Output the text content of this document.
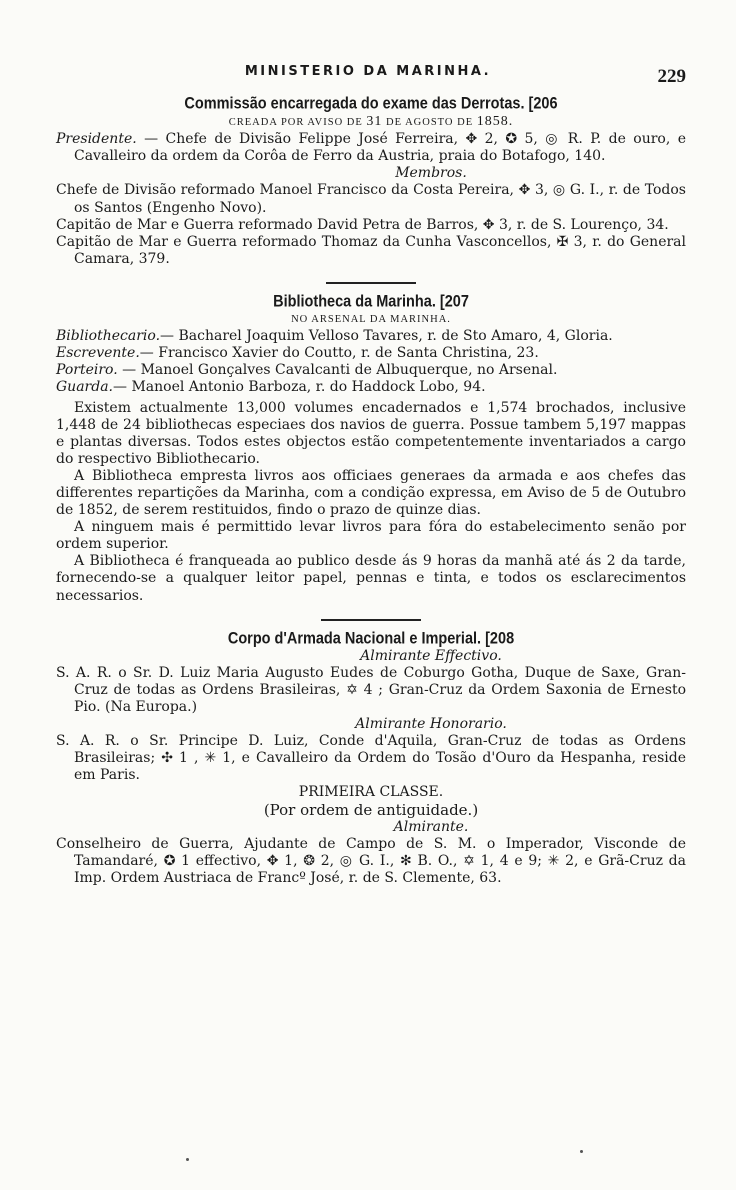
MINISTERIO DA MARINHA.	229

Commissão encarregada do exame das Derrotas. [206

CREADA POR AVISO DE 31 DE AGOSTO DE 1858.

Presidente. — Chefe de Divisão Felippe José Ferreira, ✥ 2, ✪ 5, ◎ R. P. de ouro, e Cavalleiro da ordem da Corôa de Ferro da Austria, praia do Botafogo, 140.

Membros.

Chefe de Divisão reformado Manoel Francisco da Costa Pereira, ✥ 3, ◎ G. I., r. de Todos os Santos (Engenho Novo).

Capitão de Mar e Guerra reformado David Petra de Barros, ✥ 3, r. de S. Lourenço, 34.

Capitão de Mar e Guerra reformado Thomaz da Cunha Vasconcellos, ✠ 3, r. do General Camara, 379.

Bibliotheca da Marinha. [207

NO ARSENAL DA MARINHA.

Bibliothecario.— Bacharel Joaquim Velloso Tavares, r. de Sto Amaro, 4, Gloria.

Escrevente.— Francisco Xavier do Coutto, r. de Santa Christina, 23.

Porteiro. — Manoel Gonçalves Cavalcanti de Albuquerque, no Arsenal.

Guarda.— Manoel Antonio Barboza, r. do Haddock Lobo, 94.

Existem actualmente 13,000 volumes encadernados e 1,574 brochados, inclusive 1,448 de 24 bibliothecas especiaes dos navios de guerra. Possue tambem 5,197 mappas e plantas diversas. Todos estes objectos estão competentemente inventariados a cargo do respectivo Bibliothecario.

A Bibliotheca empresta livros aos officiaes generaes da armada e aos chefes das differentes repartições da Marinha, com a condição expressa, em Aviso de 5 de Outubro de 1852, de serem restituidos, findo o prazo de quinze dias.

A ninguem mais é permittido levar livros para fóra do estabelecimento senão por ordem superior.

A Bibliotheca é franqueada ao publico desde ás 9 horas da manhã até ás 2 da tarde, fornecendo-se a qualquer leitor papel, pennas e tinta, e todos os esclarecimentos necessarios.

Corpo d'Armada Nacional e Imperial. [208

Almirante Effectivo.

S. A. R. o Sr. D. Luiz Maria Augusto Eudes de Coburgo Gotha, Duque de Saxe, Gran-Cruz de todas as Ordens Brasileiras, ✡ 4 ; Gran-Cruz da Ordem Saxonia de Ernesto Pio. (Na Europa.)

Almirante Honorario.

S. A. R. o Sr. Principe D. Luiz, Conde d'Aquila, Gran-Cruz de todas as Ordens Brasileiras; ✣ 1 , ✳ 1, e Cavalleiro da Ordem do Tosão d'Ouro da Hespanha, reside em Paris.

PRIMEIRA CLASSE.

(Por ordem de antiguidade.)

Almirante.

Conselheiro de Guerra, Ajudante de Campo de S. M. o Imperador, Visconde de Tamandaré, ✪ 1 effectivo, ✥ 1, ❂ 2, ◎ G. I., ✻ B. O., ✡ 1, 4 e 9; ✳ 2, e Grã-Cruz da Imp. Ordem Austriaca de Francº José, r. de S. Clemente, 63.
